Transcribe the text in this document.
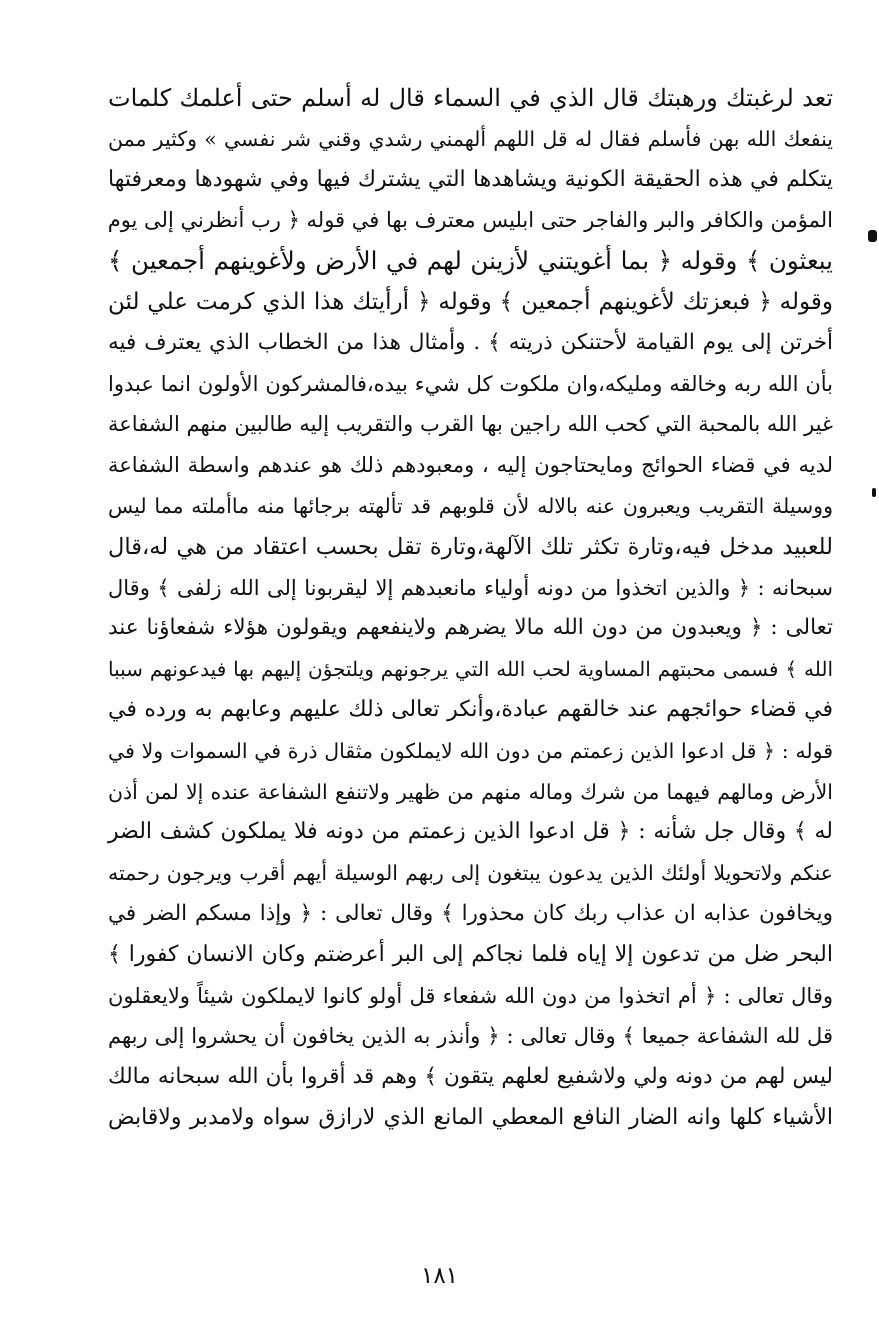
تعد لرغبتك ورهبتك قال الذي في السماء قال له أسلم حتى أعلمك كلمات
ينفعك الله بهن فأسلم فقال له قل اللهم ألهمني رشدي وقني شر نفسي » وكثير ممن
يتكلم في هذه الحقيقة الكونية ويشاهدها التي يشترك فيها وفي شهودها ومعرفتها
المؤمن والكافر والبر والفاجر حتى ابليس معترف بها في قوله ﴿ رب أنظرني إلى يوم
يبعثون ﴾ وقوله ﴿ بما أغويتني لأزينن لهم في الأرض ولأغوينهم أجمعين ﴾
وقوله ﴿ فبعزتك لأغوينهم أجمعين ﴾ وقوله ﴿ أرأيتك هذا الذي كرمت علي لئن
أخرتن إلى يوم القيامة لأحتنكن ذريته ﴾ . وأمثال هذا من الخطاب الذي يعترف فيه
بأن الله ربه وخالقه ومليكه،وان ملكوت كل شيء بيده،فالمشركون الأولون انما عبدوا
غير الله بالمحبة التي كحب الله راجين بها القرب والتقريب إليه طالبين منهم الشفاعة
لديه في قضاء الحوائج ومايحتاجون إليه ، ومعبودهم ذلك هو عندهم واسطة الشفاعة
ووسيلة التقريب ويعبرون عنه بالاله لأن قلوبهم قد تألهته برجائها منه ماأملته مما ليس
للعبيد مدخل فيه،وتارة تكثر تلك الآلهة،وتارة تقل بحسب اعتقاد من هي له،قال
سبحانه : ﴿ والذين اتخذوا من دونه أولياء مانعبدهم إلا ليقربونا إلى الله زلفى ﴾ وقال
تعالى : ﴿ ويعبدون من دون الله مالا يضرهم ولاينفعهم ويقولون هؤلاء شفعاؤنا عند
الله ﴾ فسمى محبتهم المساوية لحب الله التي يرجونهم ويلتجؤن إليهم بها فيدعونهم سببا
في قضاء حوائجهم عند خالقهم عبادة،وأنكر تعالى ذلك عليهم وعابهم به ورده في
قوله : ﴿ قل ادعوا الذين زعمتم من دون الله لايملكون مثقال ذرة في السموات ولا في
الأرض ومالهم فيهما من شرك وماله منهم من ظهير ولاتنفع الشفاعة عنده إلا لمن أذن
له ﴾ وقال جل شأنه : ﴿ قل ادعوا الذين زعمتم من دونه فلا يملكون كشف الضر
عنكم ولاتحويلا أولئك الذين يدعون يبتغون إلى ربهم الوسيلة أيهم أقرب ويرجون رحمته
ويخافون عذابه ان عذاب ربك كان محذورا ﴾ وقال تعالى : ﴿ وإذا مسكم الضر في
البحر ضل من تدعون إلا إياه فلما نجاكم إلى البر أعرضتم وكان الانسان كفورا ﴾
وقال تعالى : ﴿ أم اتخذوا من دون الله شفعاء قل أولو كانوا لايملكون شيئاً ولايعقلون
قل لله الشفاعة جميعا ﴾ وقال تعالى : ﴿ وأنذر به الذين يخافون أن يحشروا إلى ربهم
ليس لهم من دونه ولي ولاشفيع لعلهم يتقون ﴾ وهم قد أقروا بأن الله سبحانه مالك
الأشياء كلها وانه الضار النافع المعطي المانع الذي لارازق سواه ولامدبر ولاقابض
١٨١
